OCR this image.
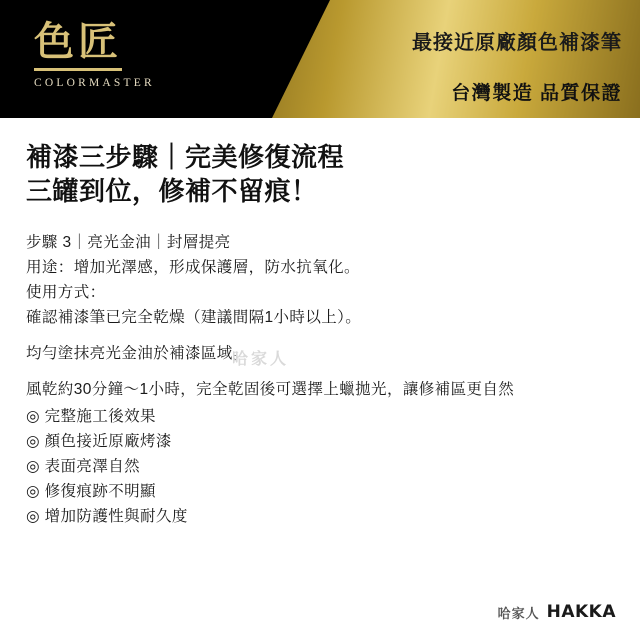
色匠
COLORMASTER
最接近原廠顏色補漆筆
台灣製造 品質保證
補漆三步驟｜完美修復流程
三罐到位，修補不留痕！
步驟 3｜亮光金油｜封層提亮
用途：增加光澤感，形成保護層，防水抗氧化。
使用方式：
確認補漆筆已完全乾燥（建議間隔1小時以上）。
均勻塗抹亮光金油於補漆區域。
風乾約30分鐘～1小時，完全乾固後可選擇上蠟拋光，讓修補區更自然
◎ 完整施工後效果
◎ 顏色接近原廠烤漆
◎ 表面亮澤自然
◎ 修復痕跡不明顯
◎ 增加防護性與耐久度
哈家人
哈家人 HAKKA
